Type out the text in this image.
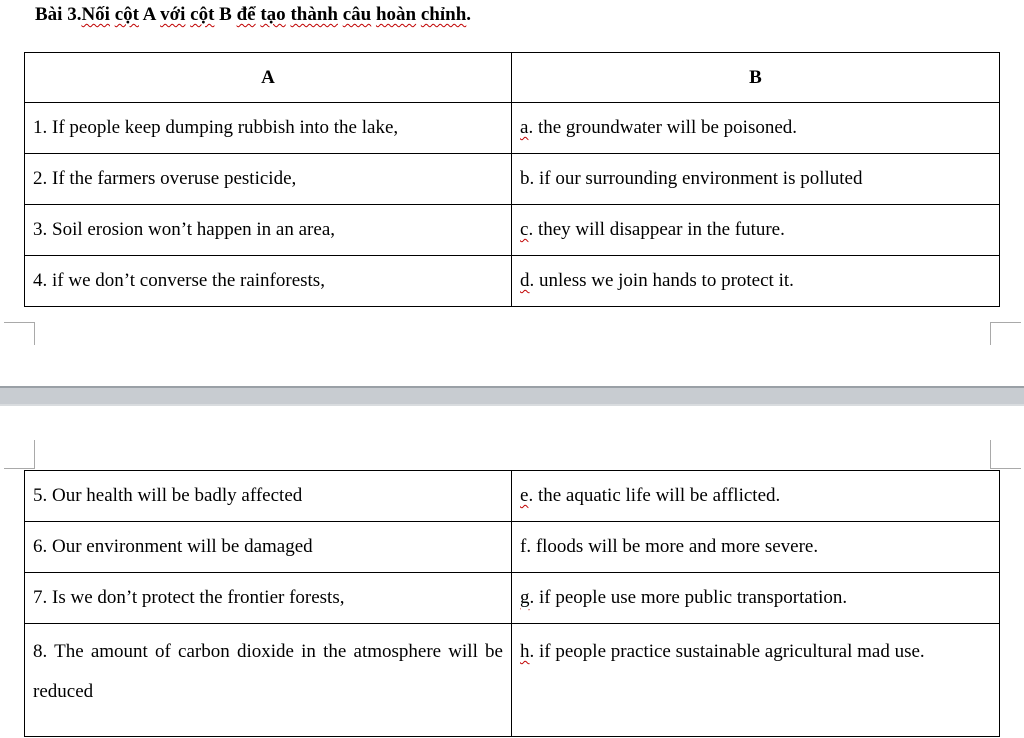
Bài 3.Nối cột A với cột B để tạo thành câu hoàn chỉnh.
A	B
1. If people keep dumping rubbish into the lake,	a. the groundwater will be poisoned.
2. If the farmers overuse pesticide,	b. if our surrounding environment is polluted
3. Soil erosion won’t happen in an area,	c. they will disappear in the future.
4. if we don’t converse the rainforests,	d. unless we join hands to protect it.
5. Our health will be badly affected	e. the aquatic life will be afflicted.
6. Our environment will be damaged	f. floods will be more and more severe.
7. Is we don’t protect the frontier forests,	g. if people use more public transportation.
8. The amount of carbon dioxide in the atmosphere will be reduced	h. if people practice sustainable agricultural mad use.
